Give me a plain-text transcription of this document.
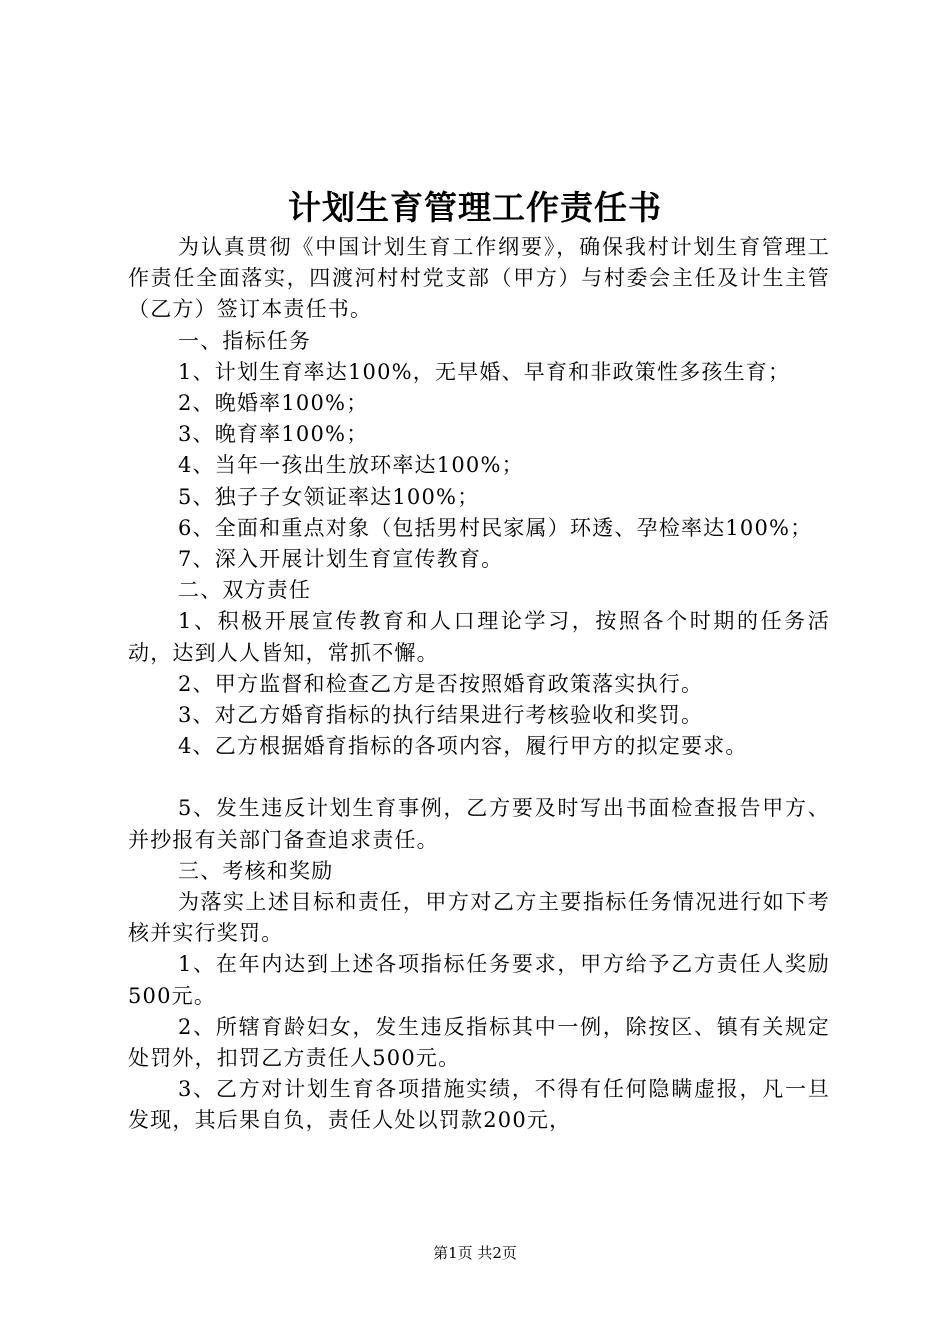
计划生育管理工作责任书

为认真贯彻《中国计划生育工作纲要》，确保我村计划生育管理工作责任全面落实，四渡河村村党支部（甲方）与村委会主任及计生主管（乙方）签订本责任书。

一、指标任务

1、计划生育率达100%，无早婚、早育和非政策性多孩生育；

2、晚婚率100%；

3、晚育率100%；

4、当年一孩出生放环率达100%；

5、独子子女领证率达100%；

6、全面和重点对象（包括男村民家属）环透、孕检率达100%；

7、深入开展计划生育宣传教育。

二、双方责任

1、积极开展宣传教育和人口理论学习，按照各个时期的任务活动，达到人人皆知，常抓不懈。

2、甲方监督和检查乙方是否按照婚育政策落实执行。

3、对乙方婚育指标的执行结果进行考核验收和奖罚。

4、乙方根据婚育指标的各项内容，履行甲方的拟定要求。

5、发生违反计划生育事例，乙方要及时写出书面检查报告甲方、并抄报有关部门备查追求责任。

三、考核和奖励

为落实上述目标和责任，甲方对乙方主要指标任务情况进行如下考核并实行奖罚。

1、在年内达到上述各项指标任务要求，甲方给予乙方责任人奖励500元。

2、所辖育龄妇女，发生违反指标其中一例，除按区、镇有关规定处罚外，扣罚乙方责任人500元。

3、乙方对计划生育各项措施实绩，不得有任何隐瞒虚报，凡一旦发现，其后果自负，责任人处以罚款200元，

第1页 共2页
